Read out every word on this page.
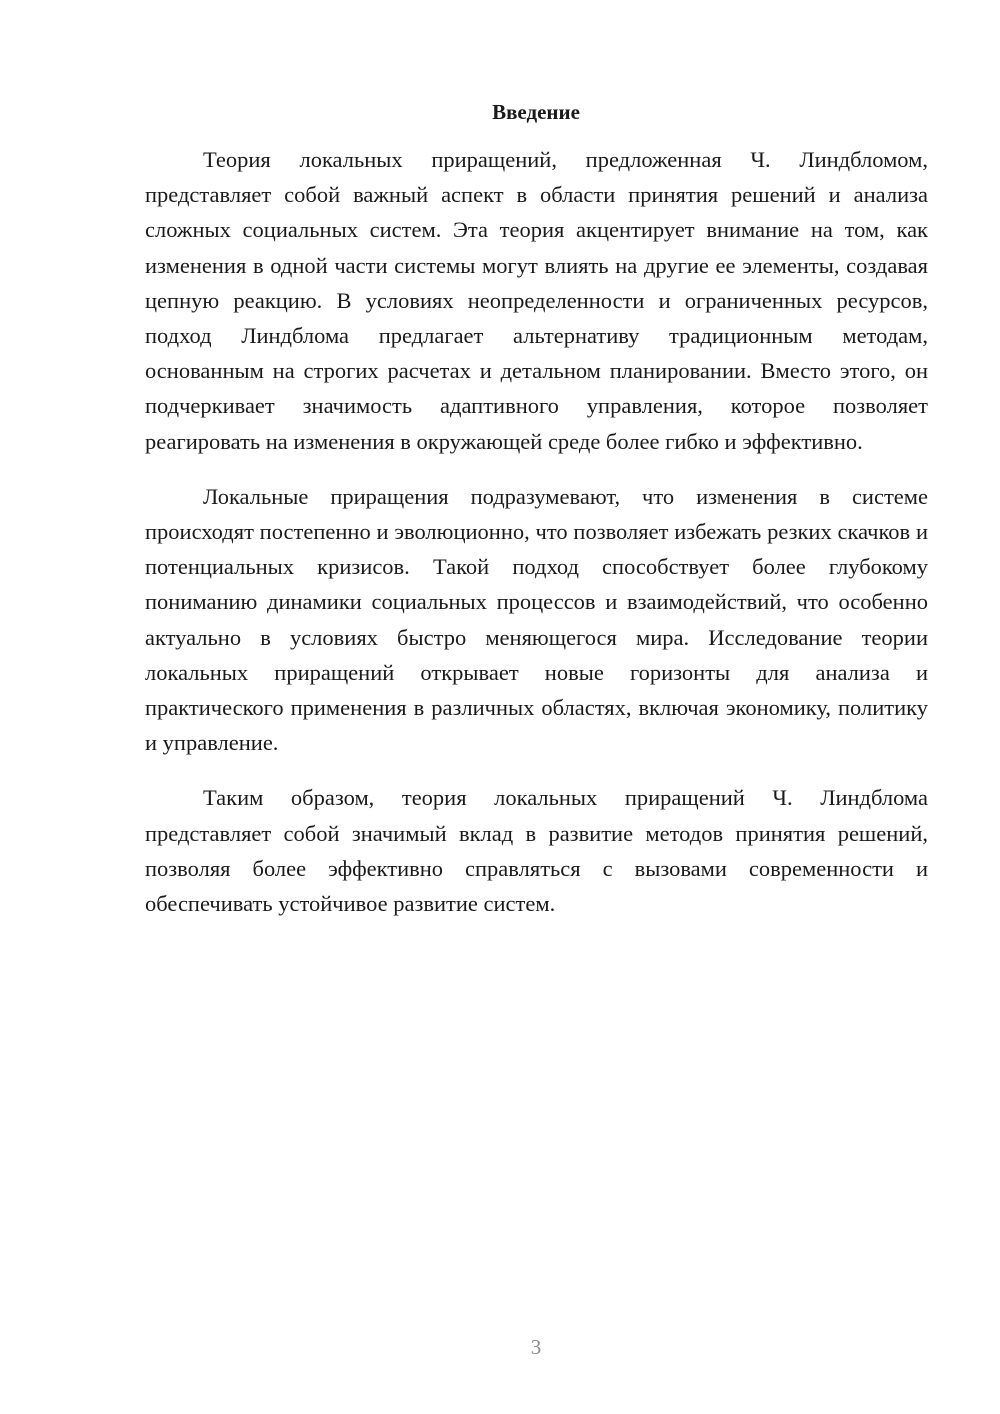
Введение

Теория локальных приращений, предложенная Ч. Линдбломом, представляет собой важный аспект в области принятия решений и анализа сложных социальных систем. Эта теория акцентирует внимание на том, как изменения в одной части системы могут влиять на другие ее элементы, создавая цепную реакцию. В условиях неопределенности и ограниченных ресурсов, подход Линдблома предлагает альтернативу традиционным методам, основанным на строгих расчетах и детальном планировании. Вместо этого, он подчеркивает значимость адаптивного управления, которое позволяет реагировать на изменения в окружающей среде более гибко и эффективно.

Локальные приращения подразумевают, что изменения в системе происходят постепенно и эволюционно, что позволяет избежать резких скачков и потенциальных кризисов. Такой подход способствует более глубокому пониманию динамики социальных процессов и взаимодействий, что особенно актуально в условиях быстро меняющегося мира. Исследование теории локальных приращений открывает новые горизонты для анализа и практического применения в различных областях, включая экономику, политику и управление.

Таким образом, теория локальных приращений Ч. Линдблома представляет собой значимый вклад в развитие методов принятия решений, позволяя более эффективно справляться с вызовами современности и обеспечивать устойчивое развитие систем.

3
